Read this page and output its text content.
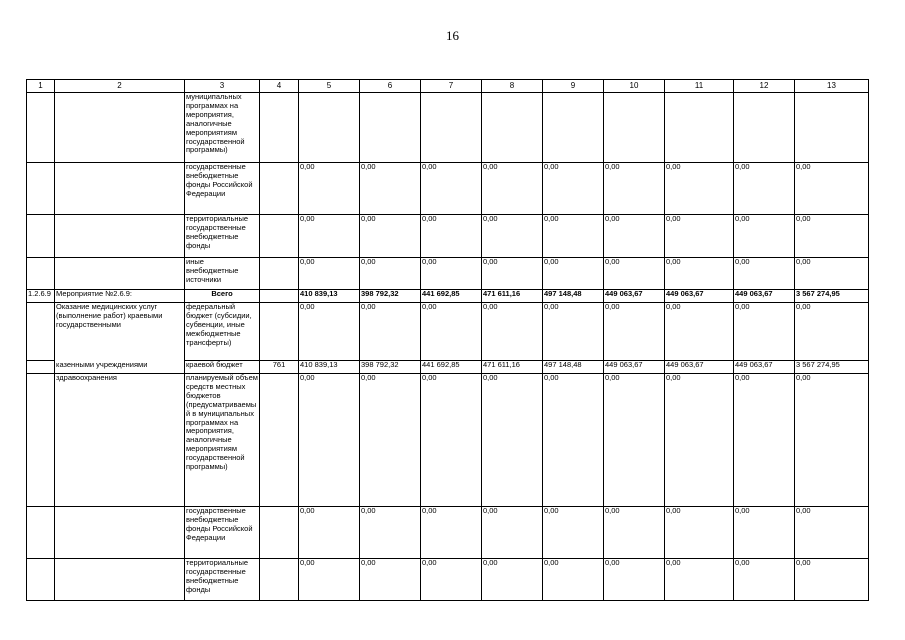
16
1	2	3	4	5	6	7	8	9	10	11	12	13
		муниципальных программах на мероприятия, аналогичные мероприятиям государственной программы)										
		государственные внебюджетные фонды Российской Федерации		0,00	0,00	0,00	0,00	0,00	0,00	0,00	0,00	0,00
		территориальные государственные внебюджетные фонды		0,00	0,00	0,00	0,00	0,00	0,00	0,00	0,00	0,00
		иные внебюджетные источники		0,00	0,00	0,00	0,00	0,00	0,00	0,00	0,00	0,00
1.2.6.9	Мероприятие №2.6.9:	Всего		410 839,13	398 792,32	441 692,85	471 611,16	497 148,48	449 063,67	449 063,67	449 063,67	3 567 274,95
	Оказание медицинских услуг (выполнение работ) краевыми государственными	федеральный бюджет (субсидии, субвенции, иные межбюджетные трансферты)		0,00	0,00	0,00	0,00	0,00	0,00	0,00	0,00	0,00
	казенными учреждениями	краевой бюджет	761	410 839,13	398 792,32	441 692,85	471 611,16	497 148,48	449 063,67	449 063,67	449 063,67	3 567 274,95
	здравоохранения	планируемый объем средств местных бюджетов (предусматриваемый в муниципальных программах на мероприятия, аналогичные мероприятиям государственной программы)		0,00	0,00	0,00	0,00	0,00	0,00	0,00	0,00	0,00
		государственные внебюджетные фонды Российской Федерации		0,00	0,00	0,00	0,00	0,00	0,00	0,00	0,00	0,00
		территориальные государственные внебюджетные фонды		0,00	0,00	0,00	0,00	0,00	0,00	0,00	0,00	0,00
